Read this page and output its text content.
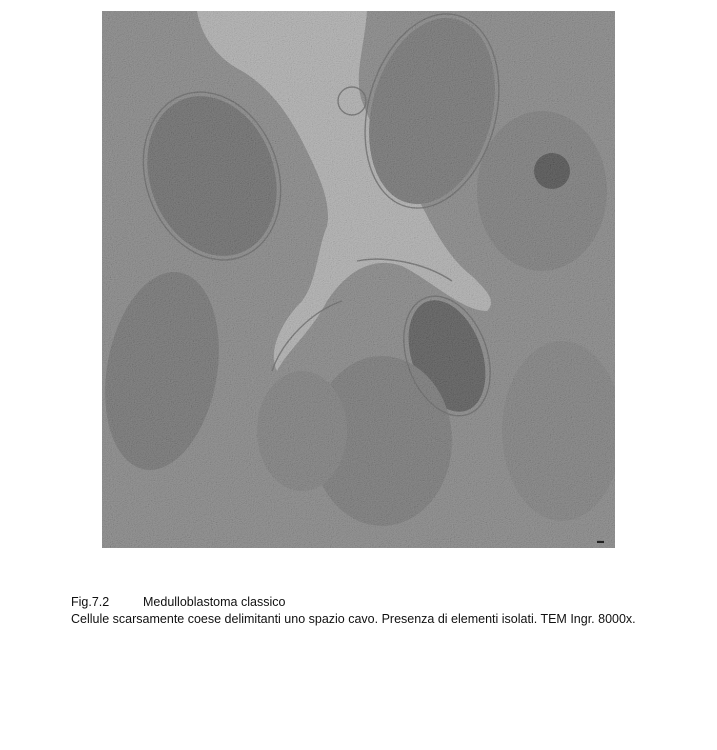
▬
Fig.7.2	Medulloblastoma classico
Cellule scarsamente coese delimitanti uno spazio cavo. Presenza di elementi isolati. TEM Ingr. 8000x.
